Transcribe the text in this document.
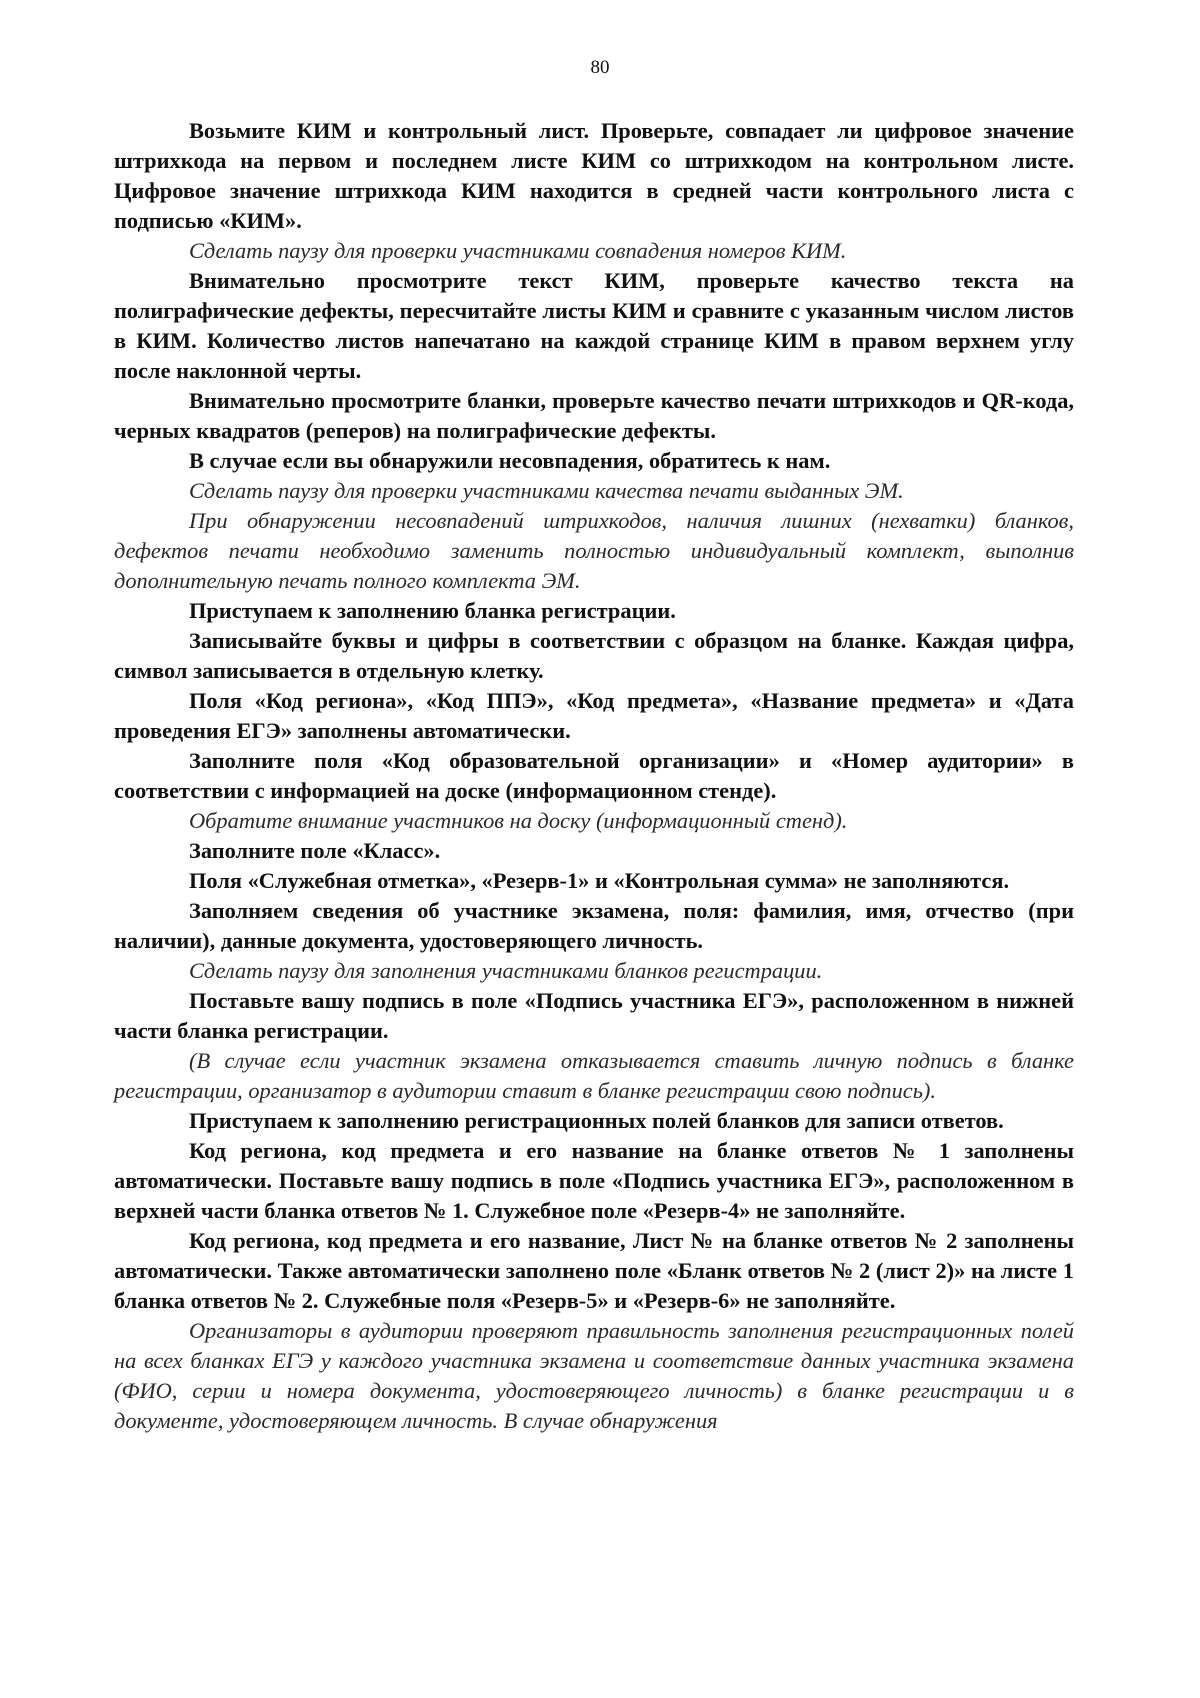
80

Возьмите КИМ и контрольный лист. Проверьте, совпадает ли цифровое значение штрихкода на первом и последнем листе КИМ со штрихкодом на контрольном листе. Цифровое значение штрихкода КИМ находится в средней части контрольного листа с подписью «КИМ».

Сделать паузу для проверки участниками совпадения номеров КИМ.

Внимательно просмотрите текст КИМ, проверьте качество текста на полиграфические дефекты, пересчитайте листы КИМ и сравните с указанным числом листов в КИМ. Количество листов напечатано на каждой странице КИМ в правом верхнем углу после наклонной черты.

Внимательно просмотрите бланки, проверьте качество печати штрихкодов и QR-кода, черных квадратов (реперов) на полиграфические дефекты.

В случае если вы обнаружили несовпадения, обратитесь к нам.

Сделать паузу для проверки участниками качества печати выданных ЭМ.

При обнаружении несовпадений штрихкодов, наличия лишних (нехватки) бланков, дефектов печати необходимо заменить полностью индивидуальный комплект, выполнив дополнительную печать полного комплекта ЭМ.

Приступаем к заполнению бланка регистрации.

Записывайте буквы и цифры в соответствии с образцом на бланке. Каждая цифра, символ записывается в отдельную клетку.

Поля «Код региона», «Код ППЭ», «Код предмета», «Название предмета» и «Дата проведения ЕГЭ» заполнены автоматически.

Заполните поля «Код образовательной организации» и «Номер аудитории» в соответствии с информацией на доске (информационном стенде).

Обратите внимание участников на доску (информационный стенд).

Заполните поле «Класс».

Поля «Служебная отметка», «Резерв-1» и «Контрольная сумма» не заполняются.

Заполняем сведения об участнике экзамена, поля: фамилия, имя, отчество (при наличии), данные документа, удостоверяющего личность.

Сделать паузу для заполнения участниками бланков регистрации.

Поставьте вашу подпись в поле «Подпись участника ЕГЭ», расположенном в нижней части бланка регистрации.

(В случае если участник экзамена отказывается ставить личную подпись в бланке регистрации, организатор в аудитории ставит в бланке регистрации свою подпись).

Приступаем к заполнению регистрационных полей бланков для записи ответов.

Код региона, код предмета и его название на бланке ответов № 1 заполнены автоматически. Поставьте вашу подпись в поле «Подпись участника ЕГЭ», расположенном в верхней части бланка ответов № 1. Служебное поле «Резерв-4» не заполняйте.

Код региона, код предмета и его название, Лист № на бланке ответов № 2 заполнены автоматически. Также автоматически заполнено поле «Бланк ответов № 2 (лист 2)» на листе 1 бланка ответов № 2. Служебные поля «Резерв-5» и «Резерв-6» не заполняйте.

Организаторы в аудитории проверяют правильность заполнения регистрационных полей на всех бланках ЕГЭ у каждого участника экзамена и соответствие данных участника экзамена (ФИО, серии и номера документа, удостоверяющего личность) в бланке регистрации и в документе, удостоверяющем личность. В случае обнаружения
